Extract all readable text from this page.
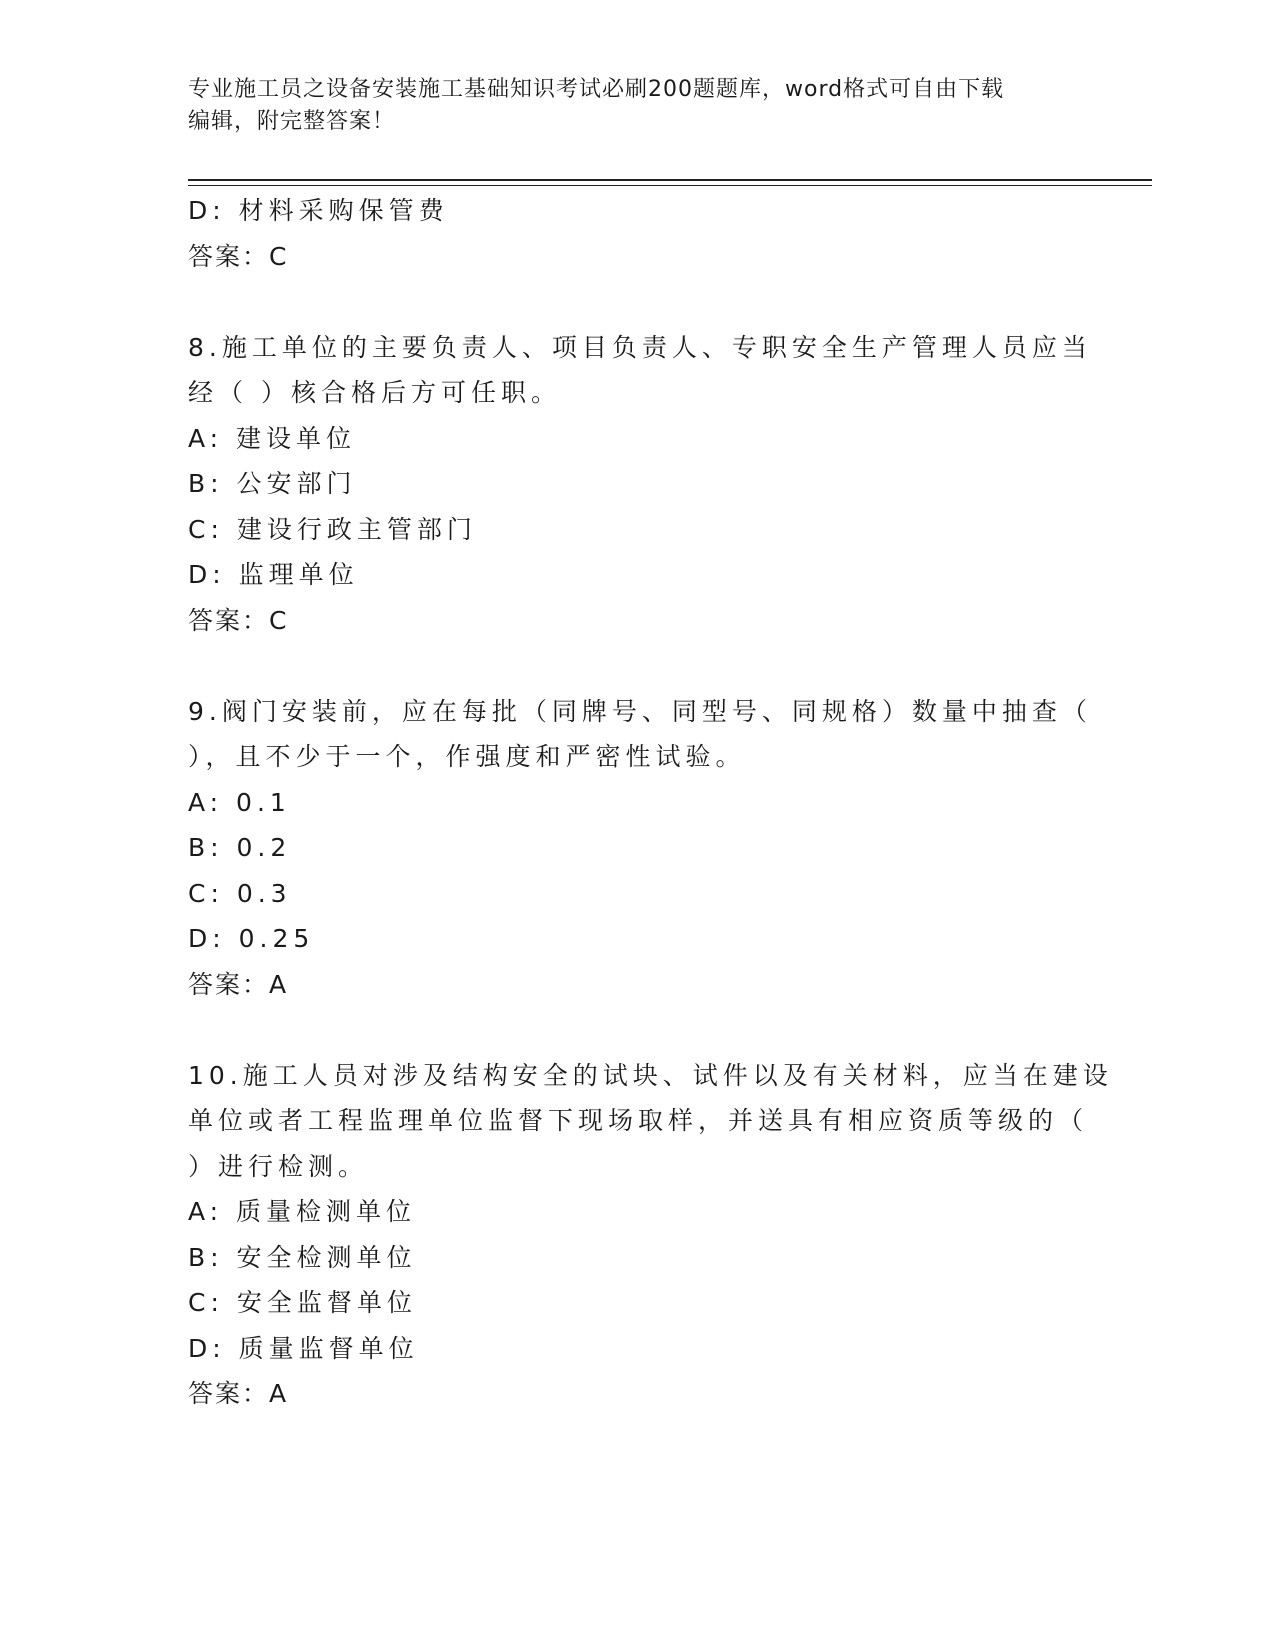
专业施工员之设备安装施工基础知识考试必刷200题题库，word格式可自由下载
编辑，附完整答案！
D: 材料采购保管费
答案：C
8.施工单位的主要负责人、项目负责人、专职安全生产管理人员应当
经（ ）核合格后方可任职。
A: 建设单位
B: 公安部门
C: 建设行政主管部门
D: 监理单位
答案：C
9.阀门安装前，应在每批（同牌号、同型号、同规格）数量中抽查（
），且不少于一个，作强度和严密性试验。
A: 0.1
B: 0.2
C: 0.3
D: 0.25
答案：A
10.施工人员对涉及结构安全的试块、试件以及有关材料，应当在建设
单位或者工程监理单位监督下现场取样，并送具有相应资质等级的（
）进行检测。
A: 质量检测单位
B: 安全检测单位
C: 安全监督单位
D: 质量监督单位
答案：A
